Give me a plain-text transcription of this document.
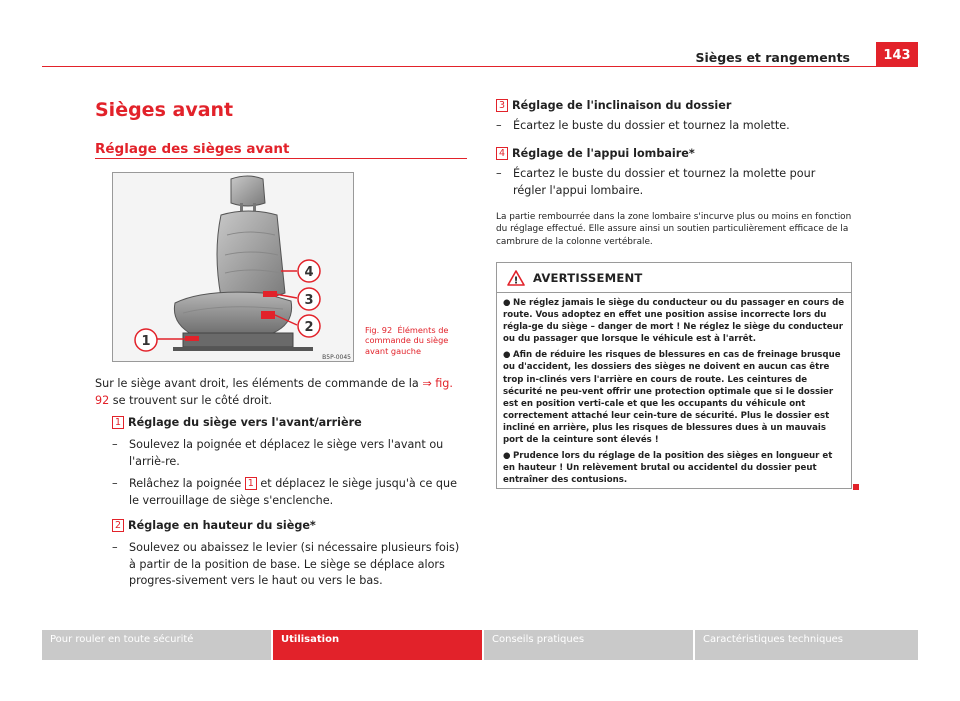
Sièges et rangements	143
Sièges avant
Réglage des sièges avant
4
3
2
1
B5P-0045
Fig. 92 Éléments de commande du siège avant gauche
Sur le siège avant droit, les éléments de commande de la ⇒ fig. 92 se trouvent sur le côté droit.
1 Réglage du siège vers l'avant/arrière
– Soulevez la poignée et déplacez le siège vers l'avant ou l'arriè-re.
– Relâchez la poignée 1 et déplacez le siège jusqu'à ce que le verrouillage de siège s'enclenche.
2 Réglage en hauteur du siège*
– Soulevez ou abaissez le levier (si nécessaire plusieurs fois) à partir de la position de base. Le siège se déplace alors progres-sivement vers le haut ou vers le bas.
3 Réglage de l'inclinaison du dossier
– Écartez le buste du dossier et tournez la molette.
4 Réglage de l'appui lombaire*
– Écartez le buste du dossier et tournez la molette pour régler l'appui lombaire.
La partie rembourrée dans la zone lombaire s'incurve plus ou moins en fonction du réglage effectué. Elle assure ainsi un soutien particulièrement efficace de la cambrure de la colonne vertébrale.
! AVERTISSEMENT

● Ne réglez jamais le siège du conducteur ou du passager en cours de route. Vous adoptez en effet une position assise incorrecte lors du régla-ge du siège – danger de mort ! Ne réglez le siège du conducteur ou du passager que lorsque le véhicule est à l'arrêt.

● Afin de réduire les risques de blessures en cas de freinage brusque ou d'accident, les dossiers des sièges ne doivent en aucun cas être trop in-clinés vers l'arrière en cours de route. Les ceintures de sécurité ne peu-vent offrir une protection optimale que si le dossier est en position verti-cale et que les occupants du véhicule ont correctement attaché leur cein-ture de sécurité. Plus le dossier est incliné en arrière, plus les risques de blessures dues à un mauvais port de la ceinture sont élevés !

● Prudence lors du réglage de la position des sièges en longueur et en hauteur ! Un relèvement brutal ou accidentel du dossier peut entraîner des contusions.

Pour rouler en toute sécurité	Utilisation	Conseils pratiques	Caractéristiques techniques
